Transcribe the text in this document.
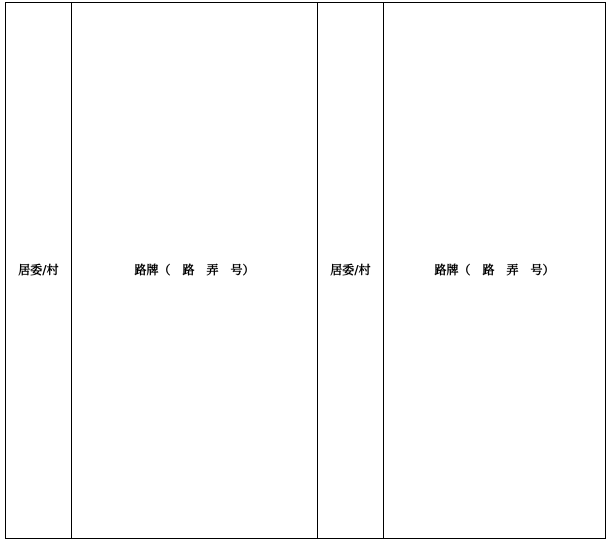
居委/村	路牌（　路　弄　号）	居委/村	路牌（　路　弄　号）
